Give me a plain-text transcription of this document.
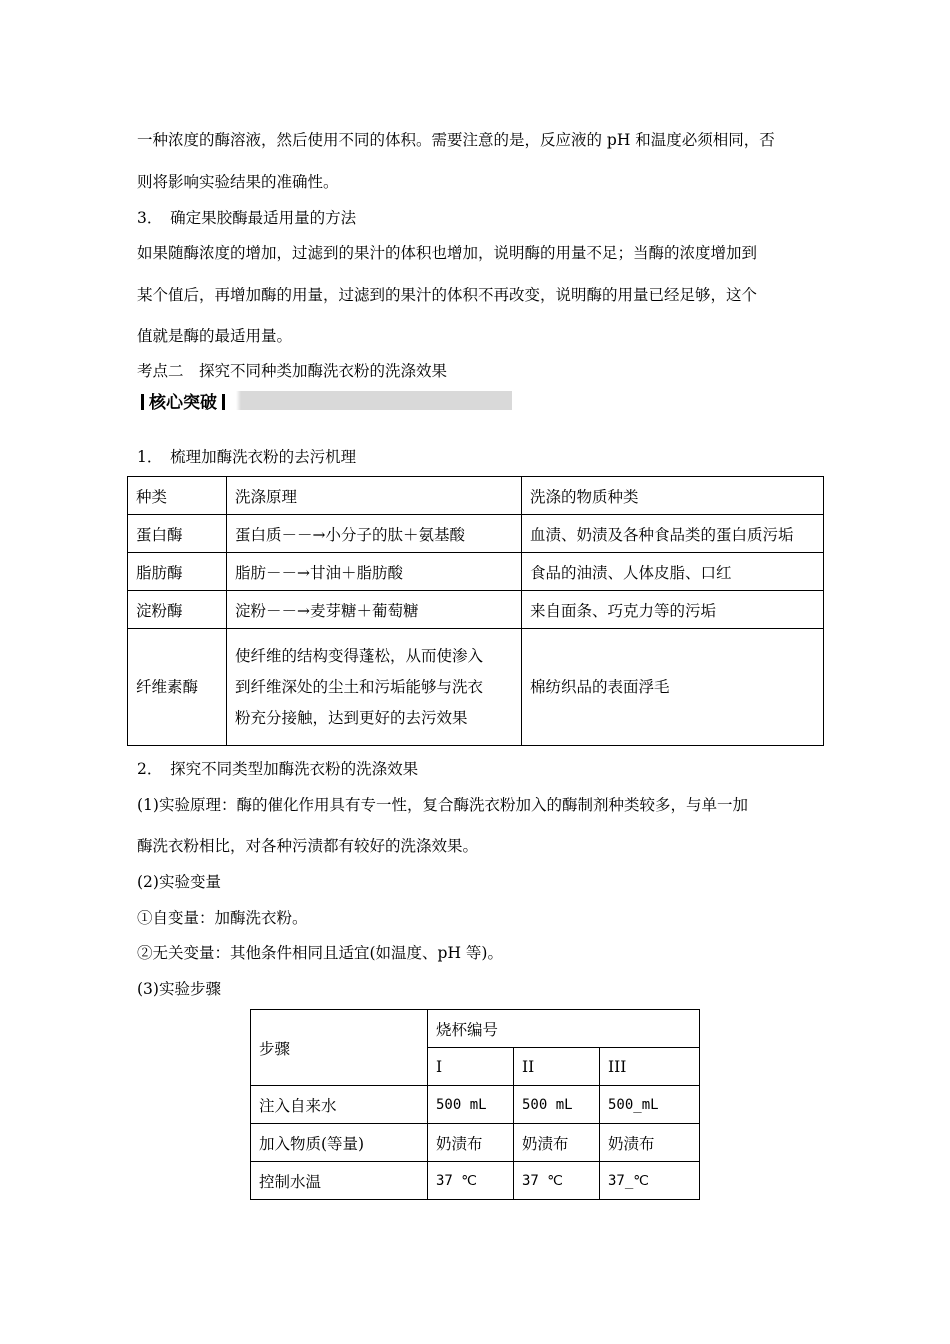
一种浓度的酶溶液，然后使用不同的体积。需要注意的是，反应液的 pH 和温度必须相同，否
则将影响实验结果的准确性。
3．　确定果胶酶最适用量的方法
如果随酶浓度的增加，过滤到的果汁的体积也增加，说明酶的用量不足；当酶的浓度增加到
某个值后，再增加酶的用量，过滤到的果汁的体积不再改变，说明酶的用量已经足够，这个
值就是酶的最适用量。
考点二　探究不同种类加酶洗衣粉的洗涤效果
核心突破
1．　梳理加酶洗衣粉的去污机理
种类	洗涤原理	洗涤的物质种类
蛋白酶	蛋白质－－→小分子的肽＋氨基酸	血渍、奶渍及各种食品类的蛋白质污垢
脂肪酶	脂肪－－→甘油＋脂肪酸	食品的油渍、人体皮脂、口红
淀粉酶	淀粉－－→麦芽糖＋葡萄糖	来自面条、巧克力等的污垢
纤维素酶	使纤维的结构变得蓬松，从而使渗入
到纤维深处的尘土和污垢能够与洗衣
粉充分接触，达到更好的去污效果	棉纺织品的表面浮毛
2．　探究不同类型加酶洗衣粉的洗涤效果
(1)实验原理：酶的催化作用具有专一性，复合酶洗衣粉加入的酶制剂种类较多，与单一加
酶洗衣粉相比，对各种污渍都有较好的洗涤效果。
(2)实验变量
①自变量：加酶洗衣粉。
②无关变量：其他条件相同且适宜(如温度、pH 等)。
(3)实验步骤
步骤	烧杯编号		
	I	II	III
注入自来水	500 mL	500 mL	500_mL
加入物质(等量)	奶渍布	奶渍布	奶渍布
控制水温	37 ℃	37 ℃	37_℃
